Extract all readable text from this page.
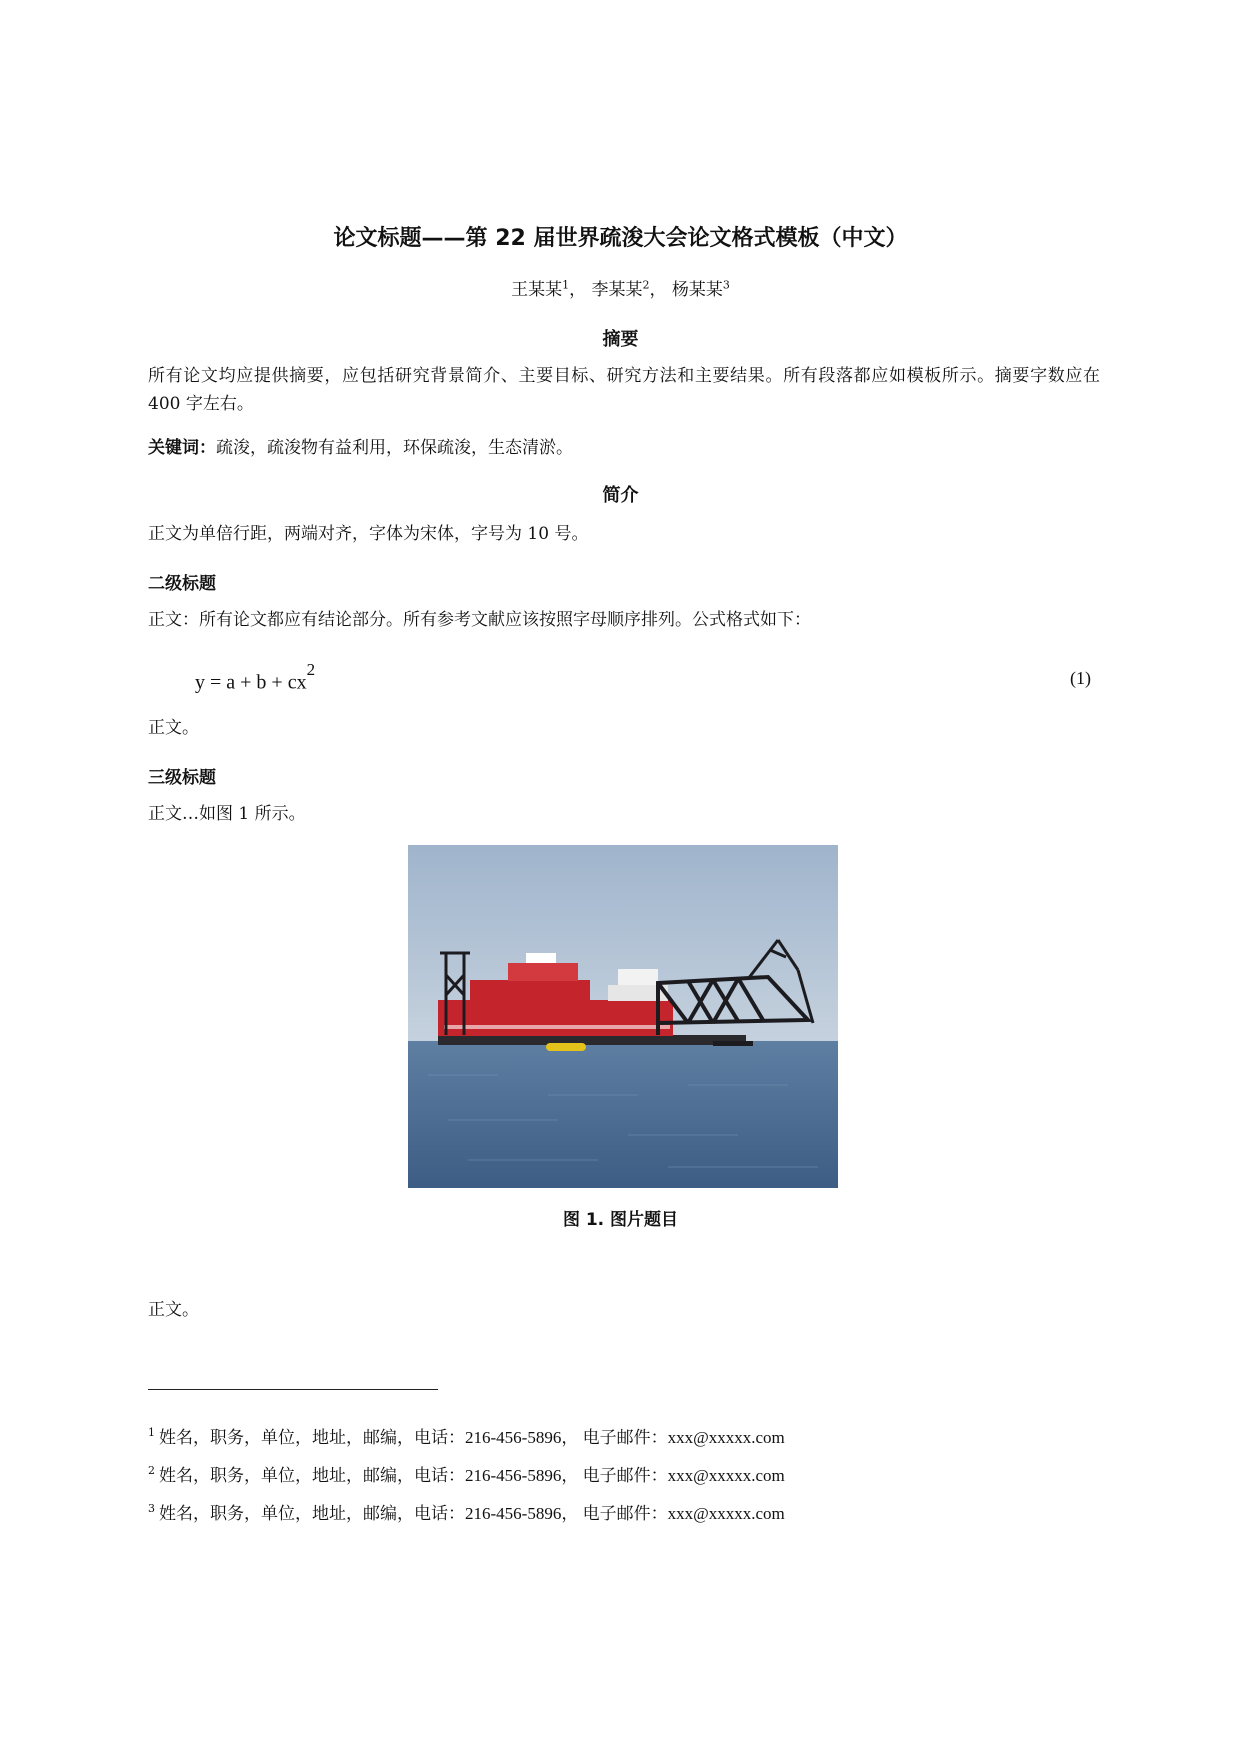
论文标题——第 22 届世界疏浚大会论文格式模板（中文）
王某某$^1$， 李某某$^2$， 杨某某$^3$
摘要

所有论文均应提供摘要，应包括研究背景简介、主要目标、研究方法和主要结果。所有段落都应如模板所示。摘要字数应在 400 字左右。

关键词：疏浚，疏浚物有益利用，环保疏浚，生态清淤。

简介

正文为单倍行距，两端对齐，字体为宋体，字号为 10 号。

二级标题

正文：所有论文都应有结论部分。所有参考文献应该按照字母顺序排列。公式格式如下：

$y = a + b + cx^2$	(1)

正文。

三级标题

正文…如图 1 所示。

图 1. 图片题目

正文。

$^1$ 姓名，职务，单位，地址，邮编，电话：216-456-5896， 电子邮件：xxx@xxxxx.com

$^2$ 姓名，职务，单位，地址，邮编，电话：216-456-5896， 电子邮件：xxx@xxxxx.com

$^3$ 姓名，职务，单位，地址，邮编，电话：216-456-5896， 电子邮件：xxx@xxxxx.com
